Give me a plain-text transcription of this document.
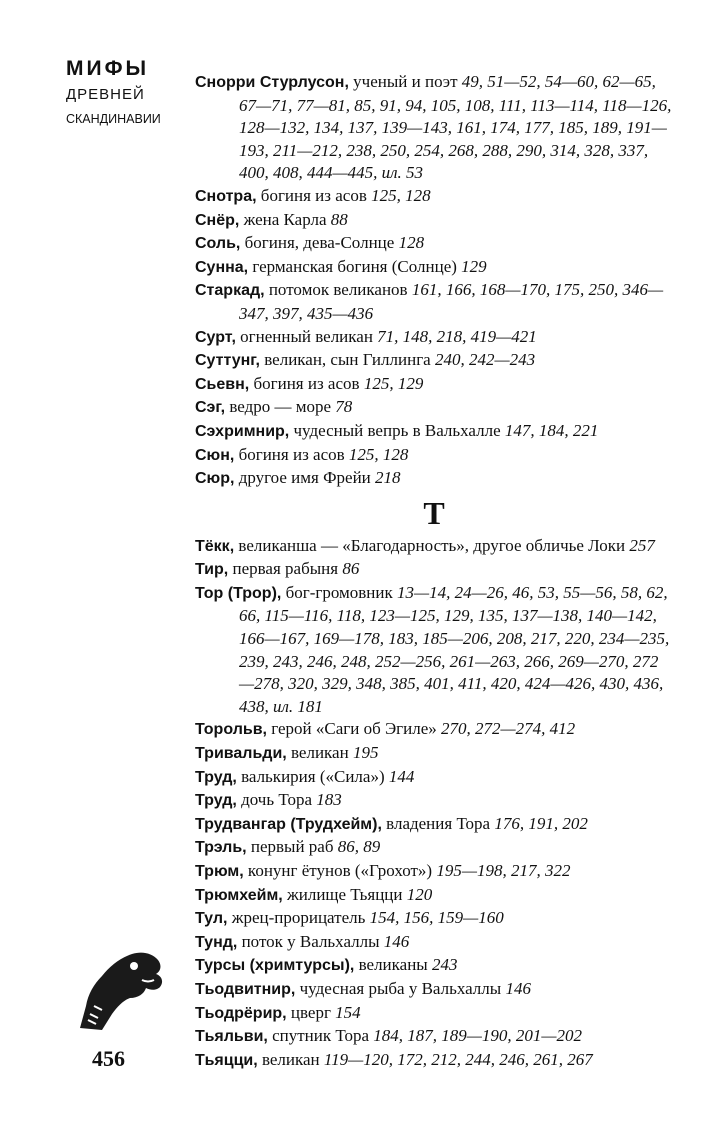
МИФЫ
ДРЕВНЕЙ
СКАНДИНАВИИ
Снорри Стурлусон, ученый и поэт 49, 51—52, 54—60, 62—65, 67—71, 77—81, 85, 91, 94, 105, 108, 111, 113—114, 118—126, 128—132, 134, 137, 139—143, 161, 174, 177, 185, 189, 191—193, 211—212, 238, 250, 254, 268, 288, 290, 314, 328, 337, 400, 408, 444—445, ил. 53
Снотра, богиня из асов 125, 128
Снёр, жена Карла 88
Соль, богиня, дева-Солнце 128
Сунна, германская богиня (Солнце) 129
Старкад, потомок великанов 161, 166, 168—170, 175, 250, 346—347, 397, 435—436
Сурт, огненный великан 71, 148, 218, 419—421
Суттунг, великан, сын Гиллинга 240, 242—243
Сьевн, богиня из асов 125, 129
Сэг, ведро — море 78
Сэхримнир, чудесный вепрь в Вальхалле 147, 184, 221
Сюн, богиня из асов 125, 128
Сюр, другое имя Фрейи 218
Т
Тёкк, великанша — «Благодарность», другое обличье Локи 257
Тир, первая рабыня 86
Тор (Трор), бог-громовник 13—14, 24—26, 46, 53, 55—56, 58, 62, 66, 115—116, 118, 123—125, 129, 135, 137—138, 140—142, 166—167, 169—178, 183, 185—206, 208, 217, 220, 234—235, 239, 243, 246, 248, 252—256, 261—263, 266, 269—270, 272—278, 320, 329, 348, 385, 401, 411, 420, 424—426, 430, 436, 438, ил. 181
Торольв, герой «Саги об Эгиле» 270, 272—274, 412
Тривальди, великан 195
Труд, валькирия («Сила») 144
Труд, дочь Тора 183
Трудвангар (Трудхейм), владения Тора 176, 191, 202
Трэль, первый раб 86, 89
Трюм, конунг ётунов («Грохот») 195—198, 217, 322
Трюмхейм, жилище Тьяцци 120
Тул, жрец-прорицатель 154, 156, 159—160
Тунд, поток у Вальхаллы 146
Турсы (хримтурсы), великаны 243
Тьодвитнир, чудесная рыба у Вальхаллы 146
Тьодрёрир, цверг 154
Тьяльви, спутник Тора 184, 187, 189—190, 201—202
Тьяцци, великан 119—120, 172, 212, 244, 246, 261, 267
456
